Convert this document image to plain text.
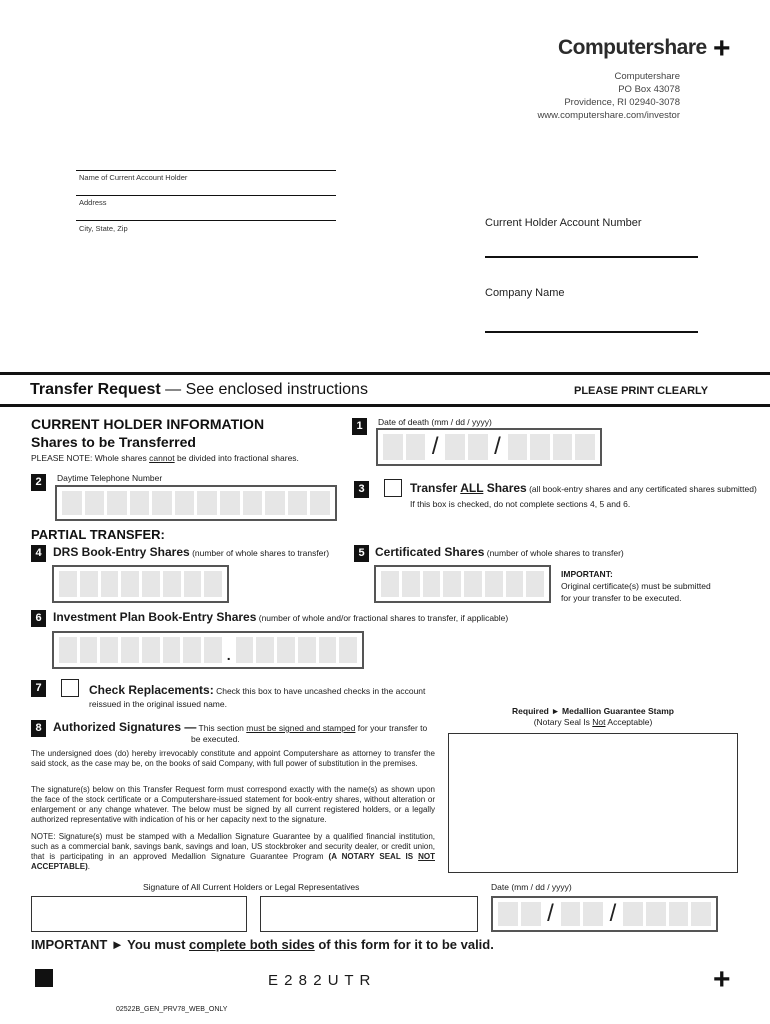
Computershare +
Computershare
PO Box 43078
Providence, RI 02940-3078
www.computershare.com/investor
Name of Current Account Holder
Address
City, State, Zip	Current Holder Account Number
Company Name
Transfer Request — See enclosed instructions	PLEASE PRINT CLEARLY
CURRENT HOLDER INFORMATION
Shares to be Transferred
PLEASE NOTE: Whole shares cannot be divided into fractional shares.
1	Date of death (mm / dd / yyyy)
/ /
2	Daytime Telephone Number
3	Transfer ALL Shares (all book-entry shares and any certificated shares submitted)
If this box is checked, do not complete sections 4, 5 and 6.
PARTIAL TRANSFER:
4 DRS Book-Entry Shares (number of whole shares to transfer)	5 Certificated Shares (number of whole shares to transfer)
IMPORTANT:
Original certificate(s) must be submitted
for your transfer to be executed.
6 Investment Plan Book-Entry Shares (number of whole and/or fractional shares to transfer, if applicable)
.
7	Check Replacements: Check this box to have uncashed checks in the account
reissued in the original issued name.
8 Authorized Signatures — This section must be signed and stamped for your transfer to
be executed.
The undersigned does (do) hereby irrevocably constitute and appoint Computershare as attorney to transfer the said stock, as the case may be, on the books of said Company, with full power of substitution in the premises.
The signature(s) below on this Transfer Request form must correspond exactly with the name(s) as shown upon the face of the stock certificate or a Computershare-issued statement for book-entry shares, without alteration or enlargement or any change whatever. The below must be signed by all current registered holders, or a legally authorized representative with indication of his or her capacity next to the signature.
NOTE: Signature(s) must be stamped with a Medallion Signature Guarantee by a qualified financial institution, such as a commercial bank, savings bank, savings and loan, US stockbroker and security dealer, or credit union, that is participating in an approved Medallion Signature Guarantee Program (A NOTARY SEAL IS NOT ACCEPTABLE).
Required ► Medallion Guarantee Stamp
(Notary Seal Is Not Acceptable)
Signature of All Current Holders or Legal Representatives	Date (mm / dd / yyyy)
/ /
IMPORTANT ► You must complete both sides of this form for it to be valid.
E 2 8 2 U T R	+
02522B_GEN_PRV78_WEB_ONLY
